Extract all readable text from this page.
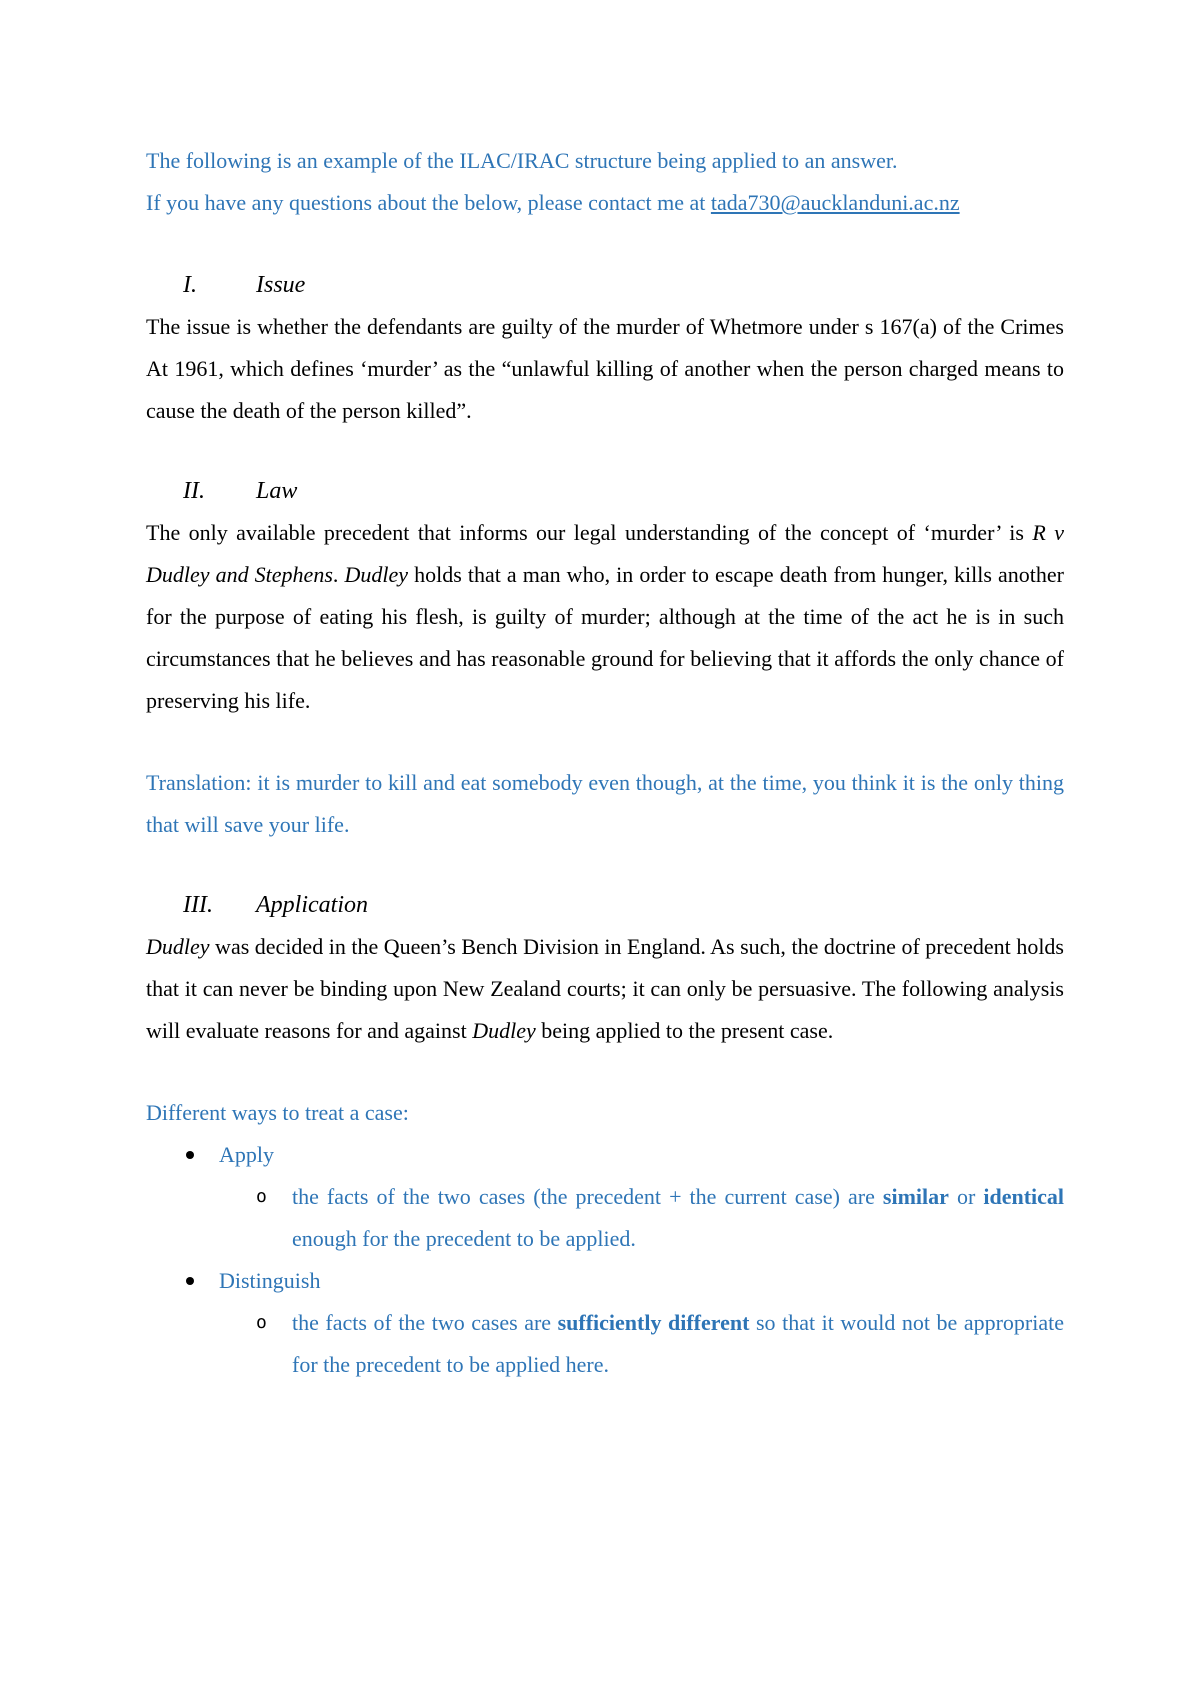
The following is an example of the ILAC/IRAC structure being applied to an answer.

If you have any questions about the below, please contact me at tada730@aucklanduni.ac.nz

I.	Issue

The issue is whether the defendants are guilty of the murder of Whetmore under s 167(a) of the Crimes At 1961, which defines ‘murder’ as the “unlawful killing of another when the person charged means to cause the death of the person killed”.

II.	Law

The only available precedent that informs our legal understanding of the concept of ‘murder’ is R v Dudley and Stephens. Dudley holds that a man who, in order to escape death from hunger, kills another for the purpose of eating his flesh, is guilty of murder; although at the time of the act he is in such circumstances that he believes and has reasonable ground for believing that it affords the only chance of preserving his life.

Translation: it is murder to kill and eat somebody even though, at the time, you think it is the only thing that will save your life.

III.	Application

Dudley was decided in the Queen’s Bench Division in England. As such, the doctrine of precedent holds that it can never be binding upon New Zealand courts; it can only be persuasive. The following analysis will evaluate reasons for and against Dudley being applied to the present case.

Different ways to treat a case:

Apply
o	the facts of the two cases (the precedent + the current case) are similar or identical enough for the precedent to be applied.
Distinguish
o	the facts of the two cases are sufficiently different so that it would not be appropriate for the precedent to be applied here.
